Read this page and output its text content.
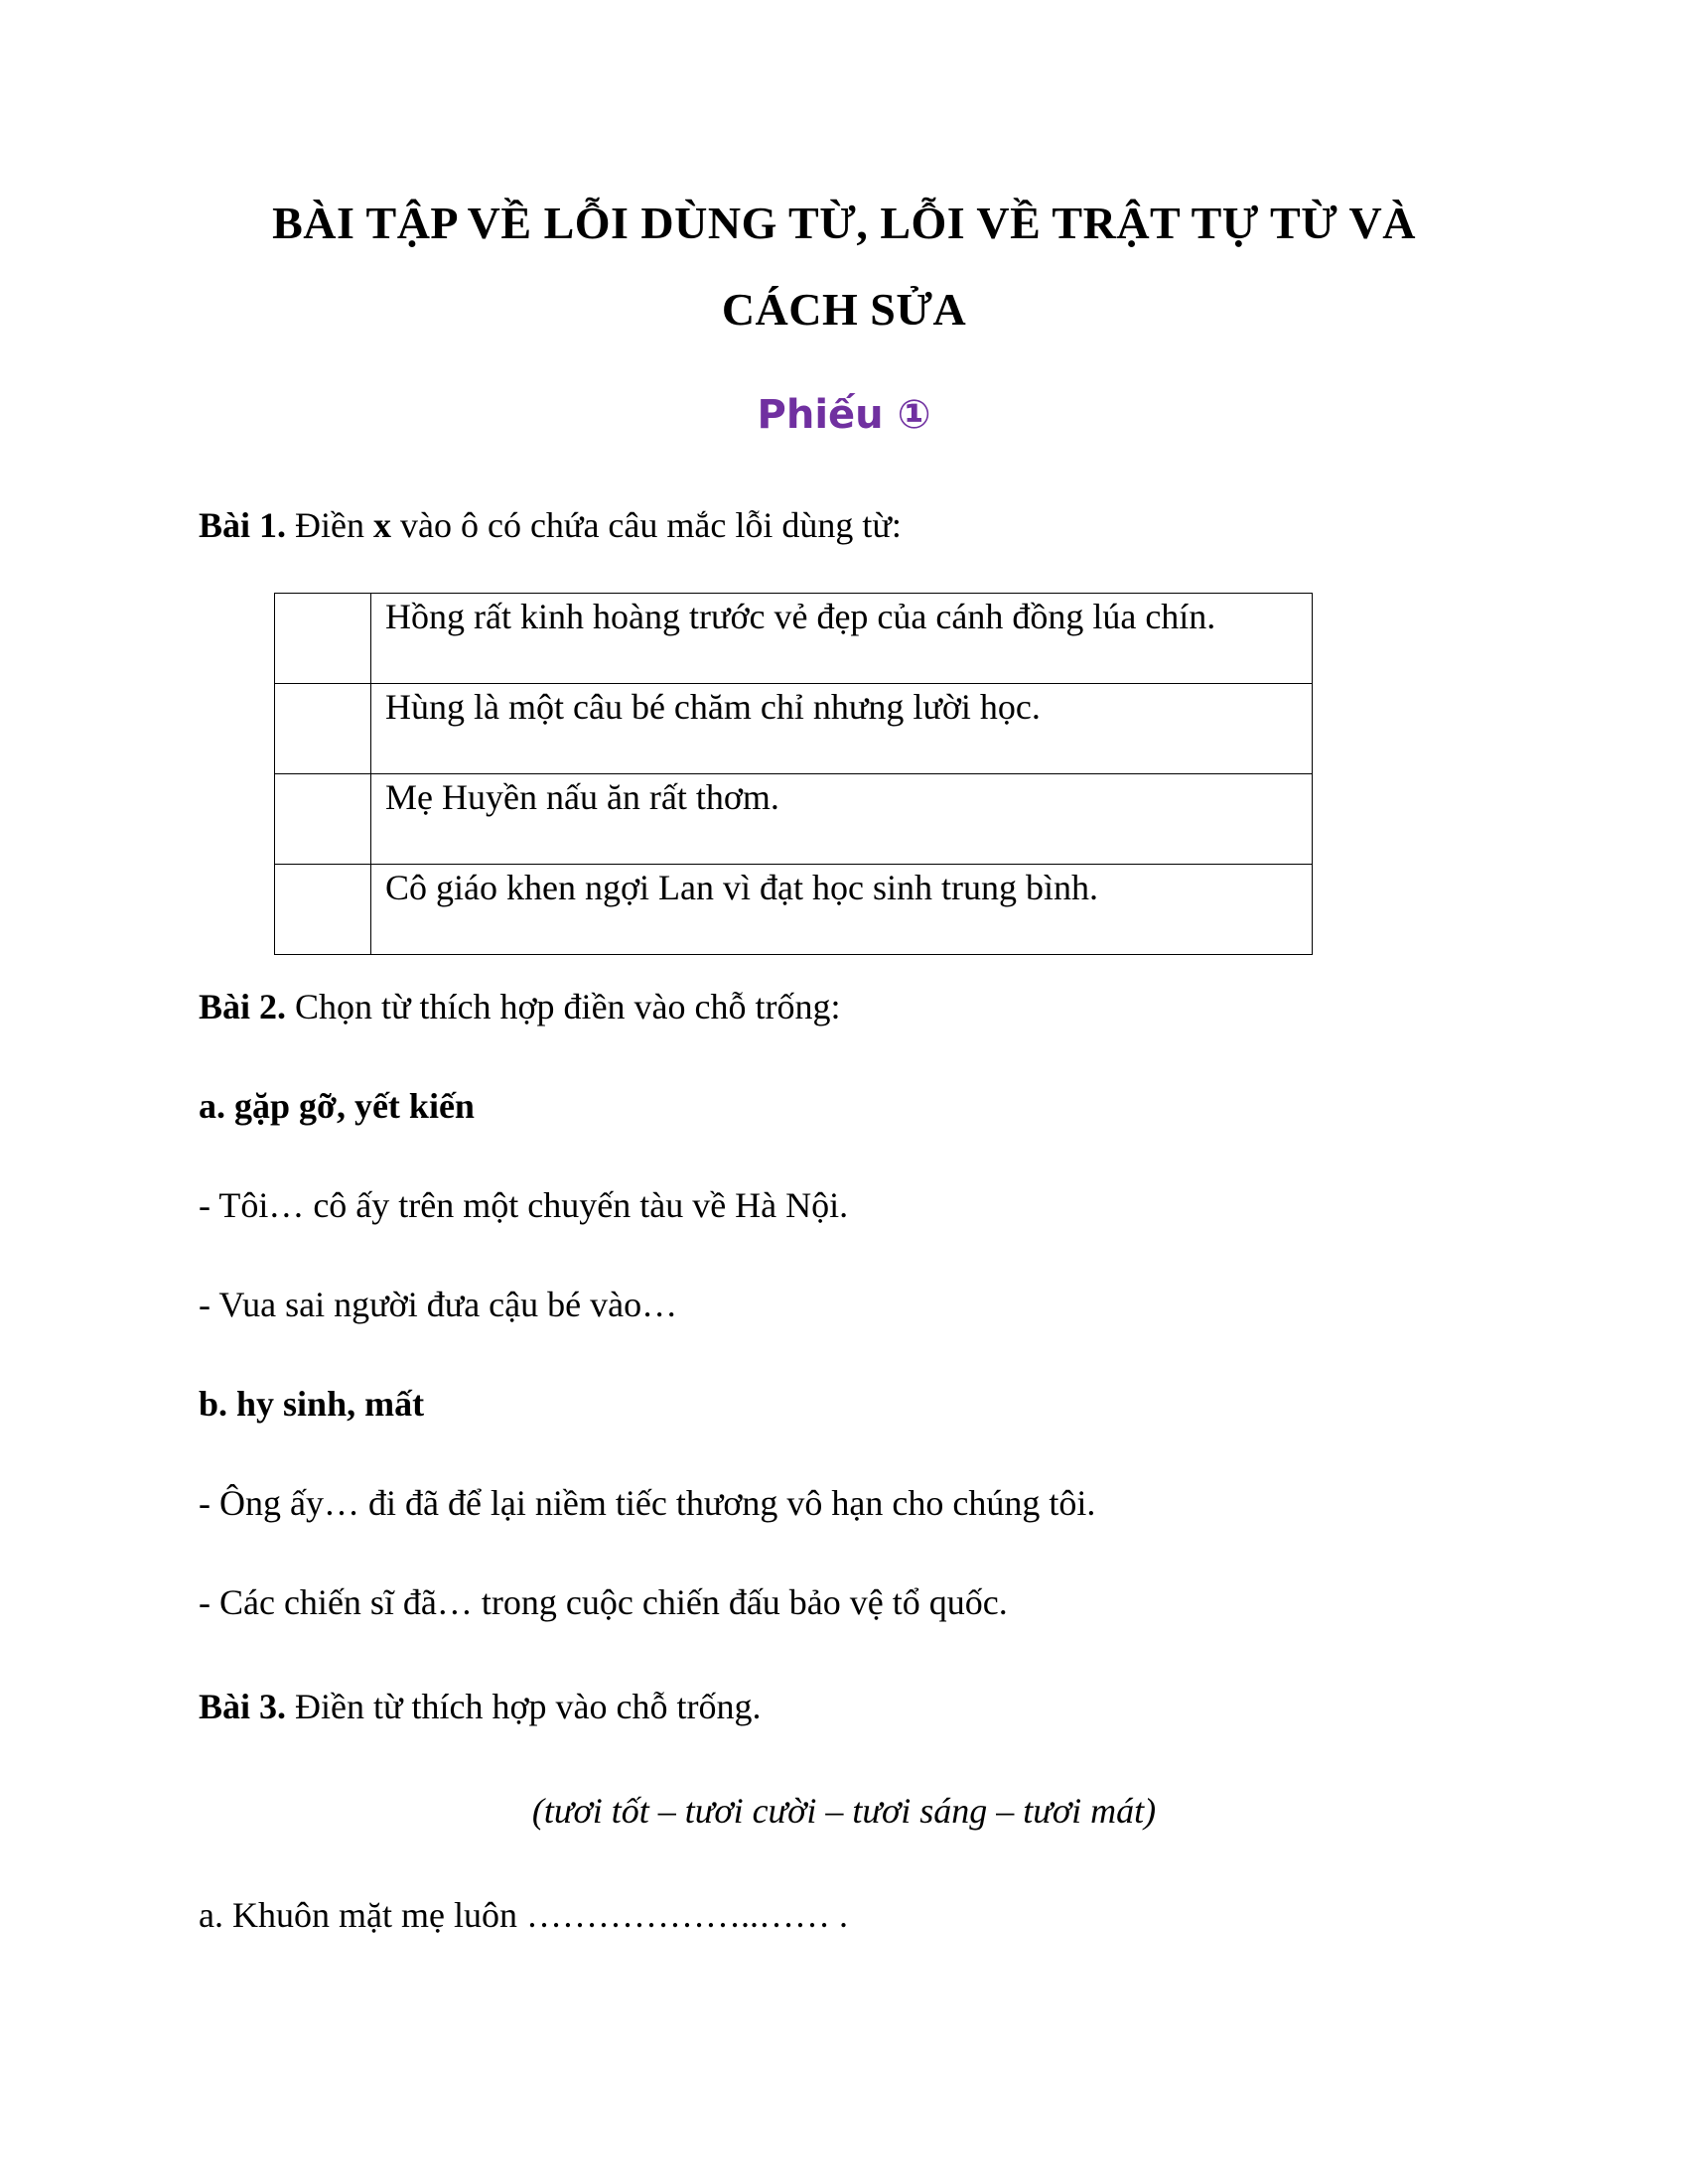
BÀI TẬP VỀ LỖI DÙNG TỪ, LỖI VỀ TRẬT TỰ TỪ VÀ
CÁCH SỬA
Phiếu ①
Bài 1. Điền x vào ô có chứa câu mắc lỗi dùng từ:
	Hồng rất kinh hoàng trước vẻ đẹp của cánh đồng lúa chín.
	Hùng là một câu bé chăm chỉ nhưng lười học.
	Mẹ Huyền nấu ăn rất thơm.
	Cô giáo khen ngợi Lan vì đạt học sinh trung bình.
Bài 2. Chọn từ thích hợp điền vào chỗ trống:
a. gặp gỡ, yết kiến
- Tôi… cô ấy trên một chuyến tàu về Hà Nội.
- Vua sai người đưa cậu bé vào…
b. hy sinh, mất
- Ông ấy… đi đã để lại niềm tiếc thương vô hạn cho chúng tôi.
- Các chiến sĩ đã… trong cuộc chiến đấu bảo vệ tổ quốc.
Bài 3. Điền từ thích hợp vào chỗ trống.
(tươi tốt – tươi cười – tươi sáng – tươi mát)
a. Khuôn mặt mẹ luôn ………………..…… .
